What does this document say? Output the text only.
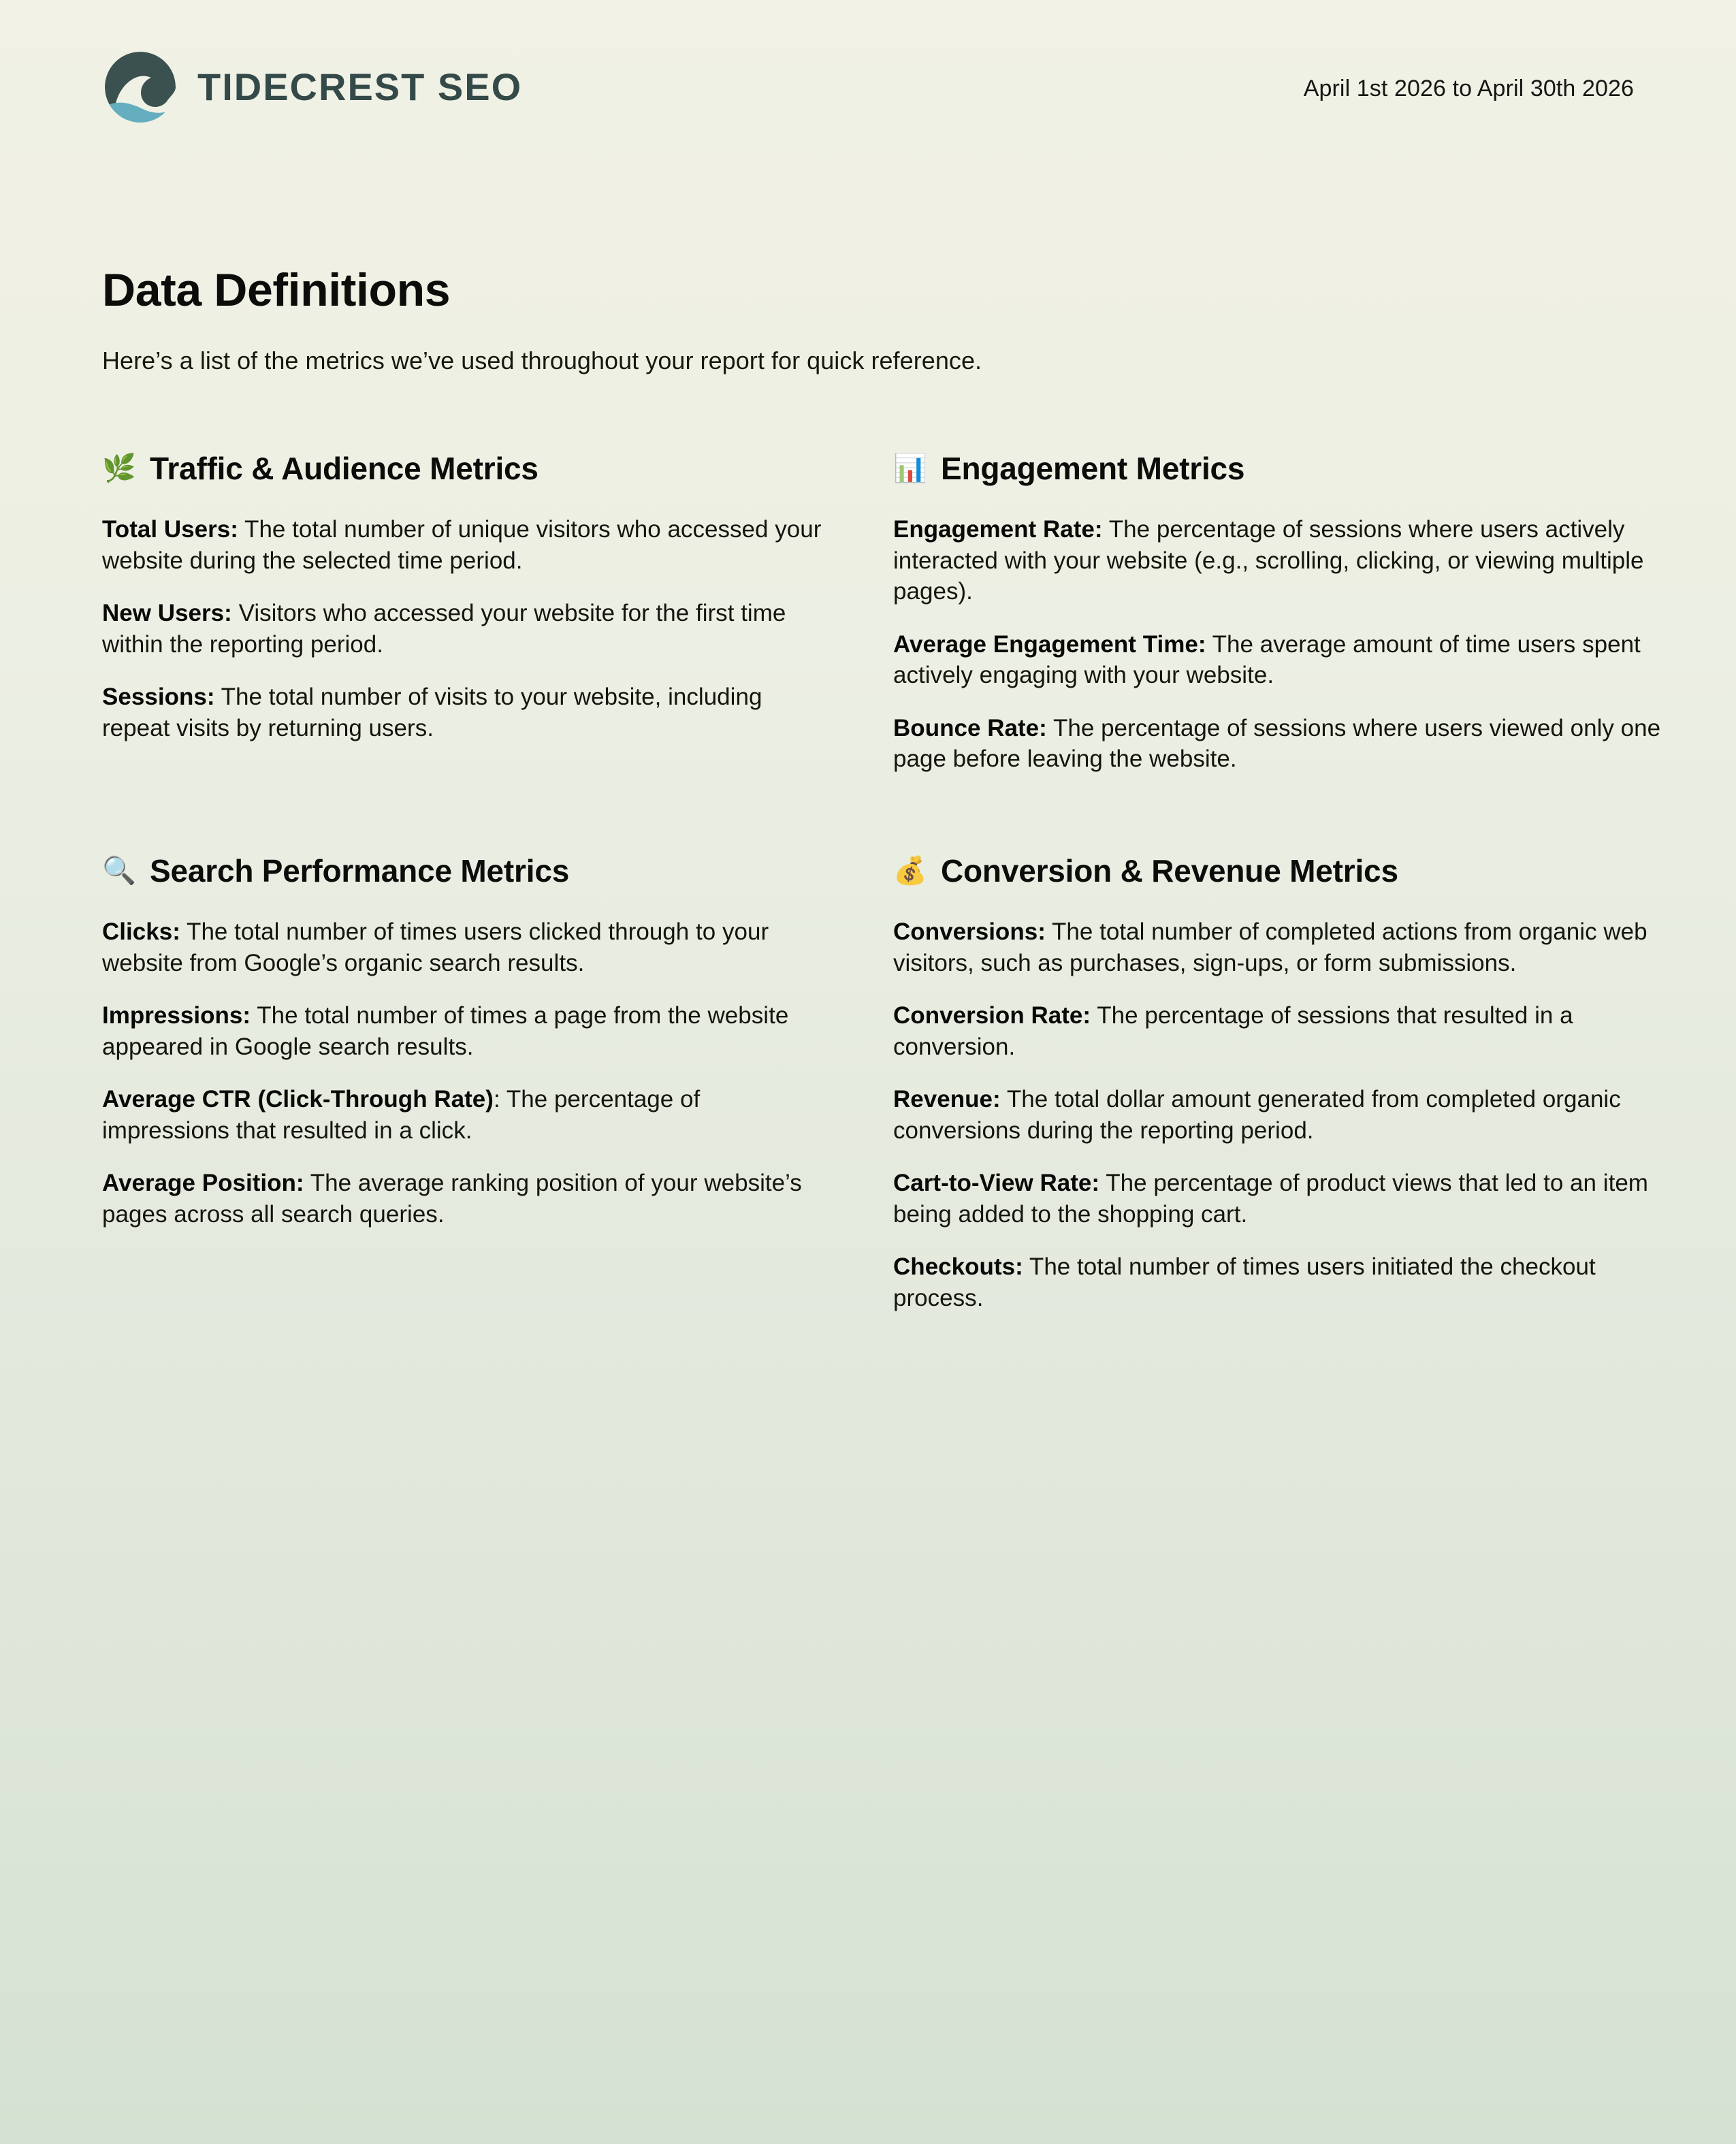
TIDECREST SEO	April 1st 2026 to April 30th 2026
Data Definitions

Here’s a list of the metrics we’ve used throughout your report for quick reference.

🌿 Traffic & Audience Metrics

Total Users: The total number of unique visitors who accessed your website during the selected time period.

New Users: Visitors who accessed your website for the first time within the reporting period.

Sessions: The total number of visits to your website, including repeat visits by returning users.

📊 Engagement Metrics

Engagement Rate: The percentage of sessions where users actively interacted with your website (e.g., scrolling, clicking, or viewing multiple pages).

Average Engagement Time: The average amount of time users spent actively engaging with your website.

Bounce Rate: The percentage of sessions where users viewed only one page before leaving the website.

🔍 Search Performance Metrics

Clicks: The total number of times users clicked through to your website from Google’s organic search results.

Impressions: The total number of times a page from the website appeared in Google search results.

Average CTR (Click-Through Rate): The percentage of impressions that resulted in a click.

Average Position: The average ranking position of your website’s pages across all search queries.

💰 Conversion & Revenue Metrics

Conversions: The total number of completed actions from organic web visitors, such as purchases, sign-ups, or form submissions.

Conversion Rate: The percentage of sessions that resulted in a conversion.

Revenue: The total dollar amount generated from completed organic conversions during the reporting period.

Cart-to-View Rate: The percentage of product views that led to an item being added to the shopping cart.

Checkouts: The total number of times users initiated the checkout process.
